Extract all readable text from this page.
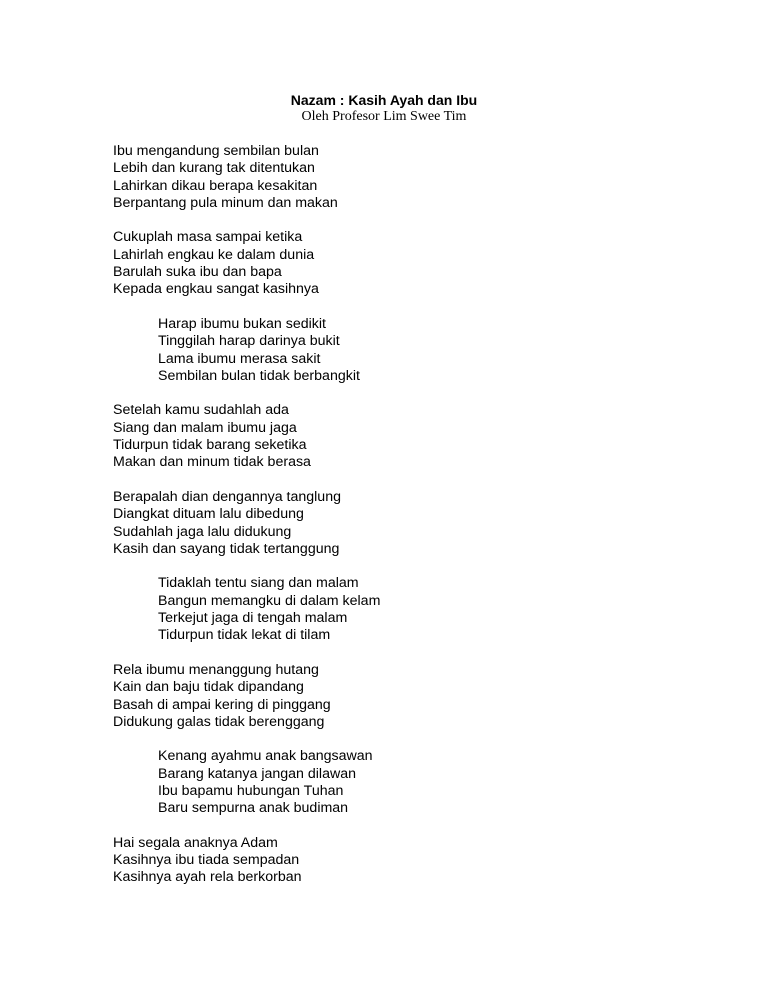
Nazam : Kasih Ayah dan Ibu
Oleh Profesor Lim Swee Tim
Ibu mengandung sembilan bulan
Lebih dan kurang tak ditentukan
Lahirkan dikau berapa kesakitan
Berpantang pula minum dan makan
Cukuplah masa sampai ketika
Lahirlah engkau ke dalam dunia
Barulah suka ibu dan bapa
Kepada engkau sangat kasihnya
Harap ibumu bukan sedikit
Tinggilah harap darinya bukit
Lama ibumu merasa sakit
Sembilan bulan tidak berbangkit
Setelah kamu sudahlah ada
Siang dan malam ibumu jaga
Tidurpun tidak barang seketika
Makan dan minum tidak berasa
Berapalah dian dengannya tanglung
Diangkat dituam lalu dibedung
Sudahlah jaga lalu didukung
Kasih dan sayang tidak tertanggung
Tidaklah tentu siang dan malam
Bangun memangku di dalam kelam
Terkejut jaga di tengah malam
Tidurpun tidak lekat di tilam
Rela ibumu menanggung hutang
Kain dan baju tidak dipandang
Basah di ampai kering di pinggang
Didukung galas tidak berenggang
Kenang ayahmu anak bangsawan
Barang katanya jangan dilawan
Ibu bapamu hubungan Tuhan
Baru sempurna anak budiman
Hai segala anaknya Adam
Kasihnya ibu tiada sempadan
Kasihnya ayah rela berkorban
